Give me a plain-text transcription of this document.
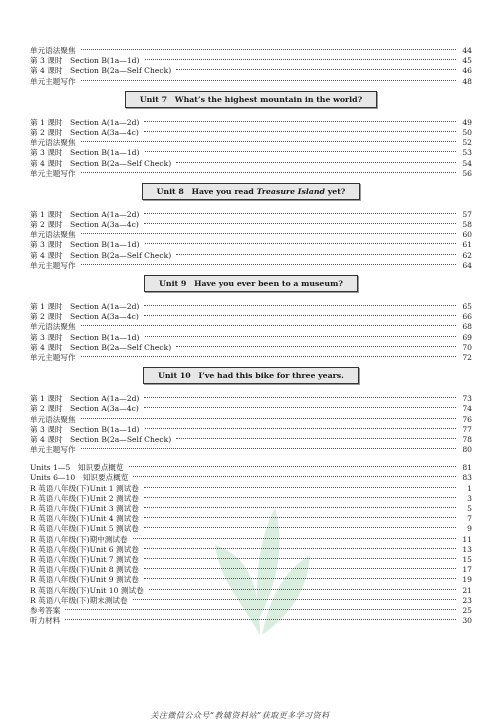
单元语法聚焦	44
第 3 课时　Section B(1a—1d)	45
第 4 课时　Section B(2a—Self Check)	46
单元主题写作	48
Unit 7　What’s the highest mountain in the world?
第 1 课时　Section A(1a—2d)	49
第 2 课时　Section A(3a—4c)	50
单元语法聚焦	52
第 3 课时　Section B(1a—1d)	53
第 4 课时　Section B(2a—Self Check)	54
单元主题写作	56
Unit 8　Have you read Treasure Island yet?
第 1 课时　Section A(1a—2d)	57
第 2 课时　Section A(3a—4c)	58
单元语法聚焦	60
第 3 课时　Section B(1a—1d)	61
第 4 课时　Section B(2a—Self Check)	62
单元主题写作	64
Unit 9　Have you ever been to a museum?
第 1 课时　Section A(1a—2d)	65
第 2 课时　Section A(3a—4c)	66
单元语法聚焦	68
第 3 课时　Section B(1a—1d)	69
第 4 课时　Section B(2a—Self Check)	70
单元主题写作	72
Unit 10　I’ve had this bike for three years.
第 1 课时　Section A(1a—2d)	73
第 2 课时　Section A(3a—4c)	74
单元语法聚焦	76
第 3 课时　Section B(1a—1d)	77
第 4 课时　Section B(2a—Self Check)	78
单元主题写作	80
Units 1—5　知识要点概览	81
Units 6—10　知识要点概览	83
R 英语八年级(下)Unit 1 测试卷	1
R 英语八年级(下)Unit 2 测试卷	3
R 英语八年级(下)Unit 3 测试卷	5
R 英语八年级(下)Unit 4 测试卷	7
R 英语八年级(下)Unit 5 测试卷	9
R 英语八年级(下)期中测试卷	11
R 英语八年级(下)Unit 6 测试卷	13
R 英语八年级(下)Unit 7 测试卷	15
R 英语八年级(下)Unit 8 测试卷	17
R 英语八年级(下)Unit 9 测试卷	19
R 英语八年级(下)Unit 10 测试卷	21
R 英语八年级(下)期末测试卷	23
参考答案	25
听力材料	30
关注微信公众号“教辅资料站”获取更多学习资料
